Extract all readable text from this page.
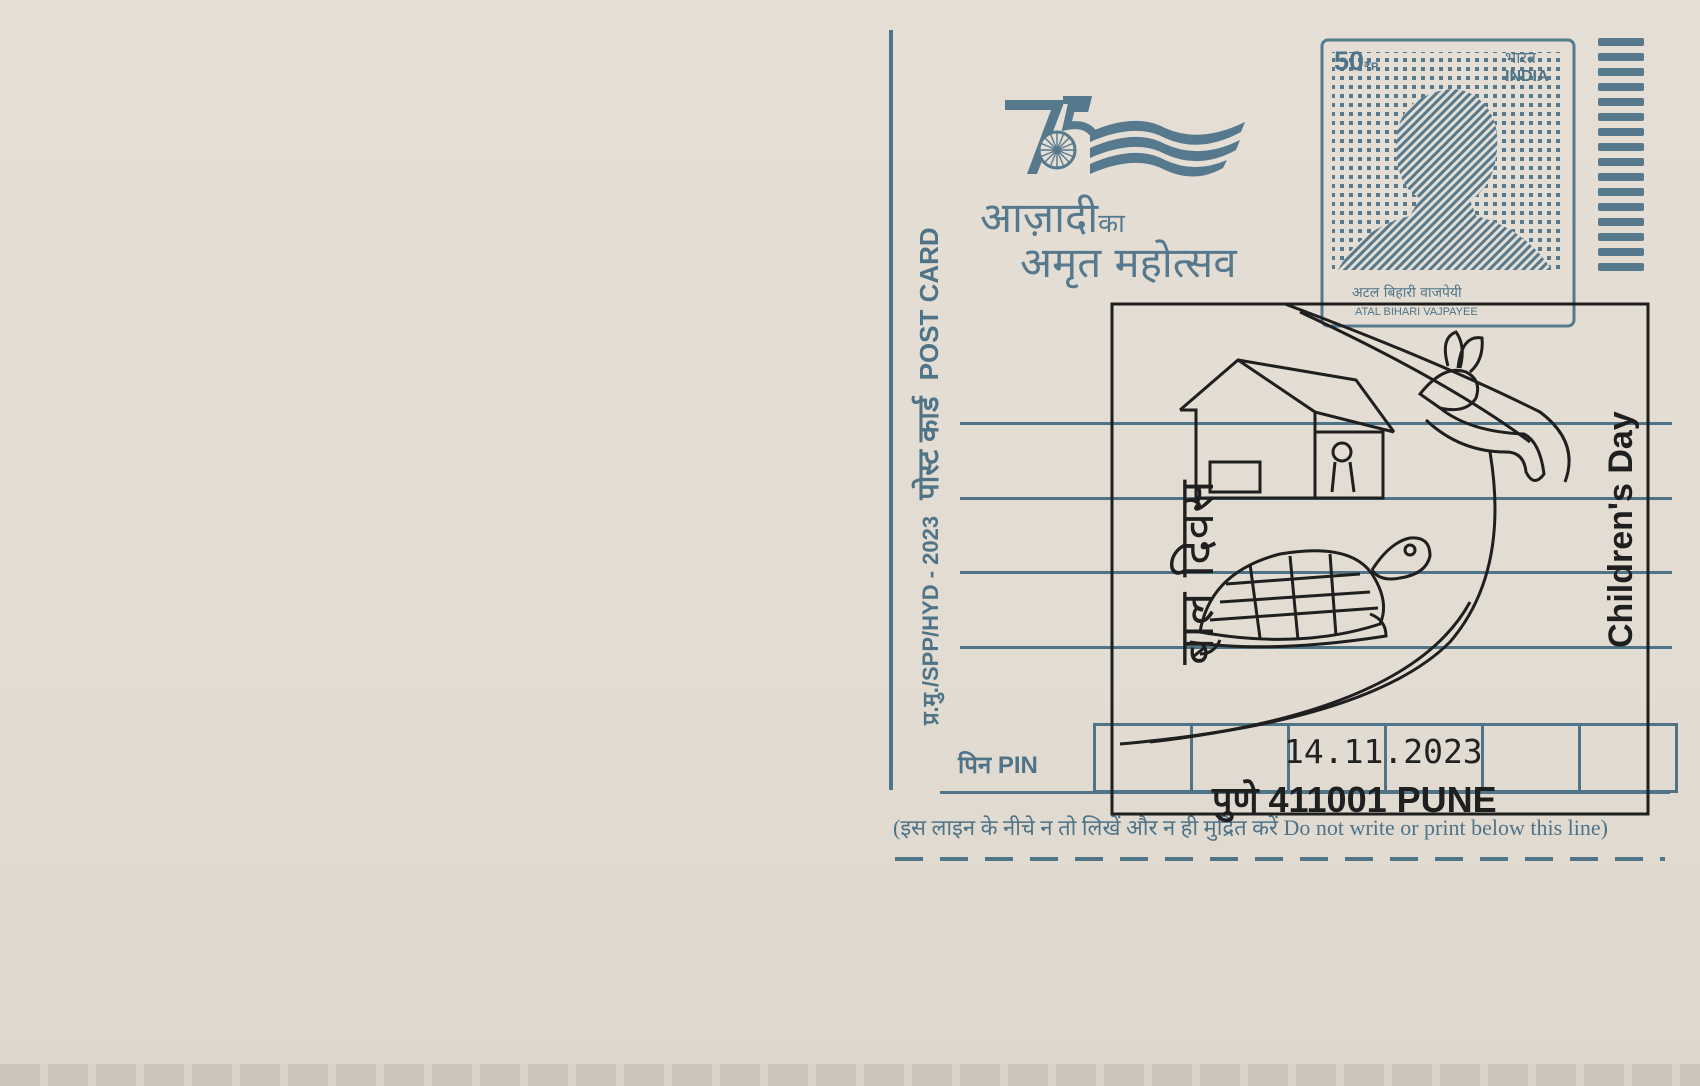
प्र.मु./SPP/HYD - 2023 पोस्ट कार्ड POST CARD
आज़ादीका
अमृत महोत्सव
50₹P.	भारत
INDIA
अटल बिहारी वाजपेयी
ATAL BIHARI VAJPAYEE
पिन PIN
(इस लाइन के नीचे न तो लिखें और न ही मुद्रित करें Do not write or print below this line)
बाल दिवस	Children's Day
14.11.2023
पुणे 411001 PUNE
